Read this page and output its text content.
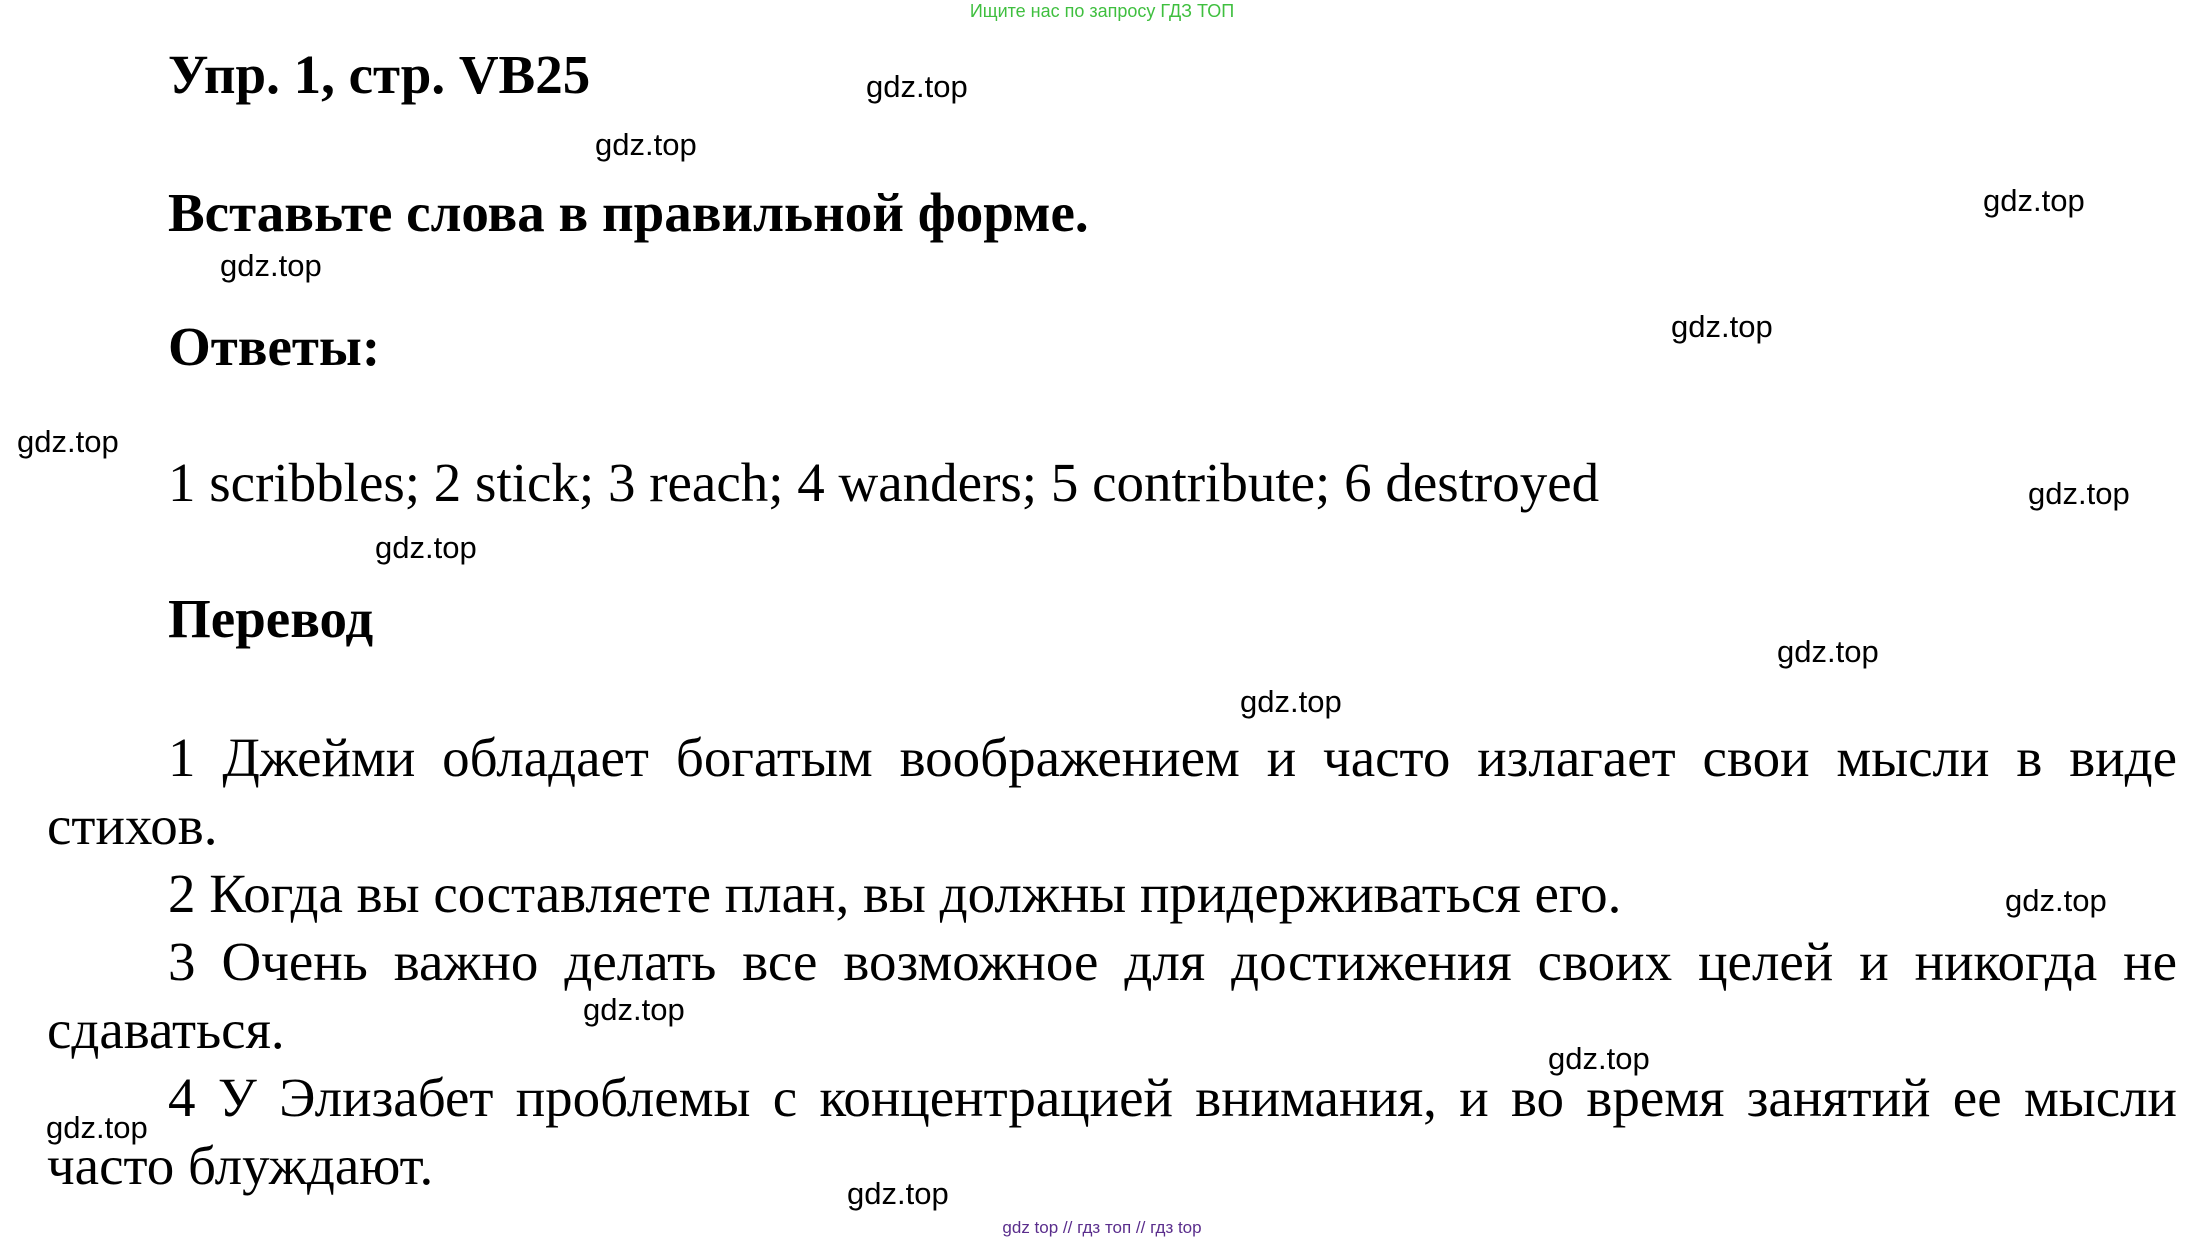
Ищите нас по запросу ГДЗ ТОП
Упр. 1, стр. VB25
Вставьте слова в правильной форме.
Ответы:
1 scribbles; 2 stick; 3 reach; 4 wanders; 5 contribute; 6 destroyed
Перевод

1 Джейми обладает богатым воображением и часто излагает свои мысли в виде стихов.

2 Когда вы составляете план, вы должны придерживаться его.

3 Очень важно делать все возможное для достижения своих целей и никогда не сдаваться.

4 У Элизабет проблемы с концентрацией внимания, и во время занятий ее мысли часто блуждают.

gdz.top
gdz.top
gdz.top
gdz.top
gdz.top
gdz.top
gdz.top
gdz.top
gdz.top
gdz.top
gdz.top
gdz.top
gdz.top
gdz.top
gdz.top
gdz top // гдз топ // гдз top
